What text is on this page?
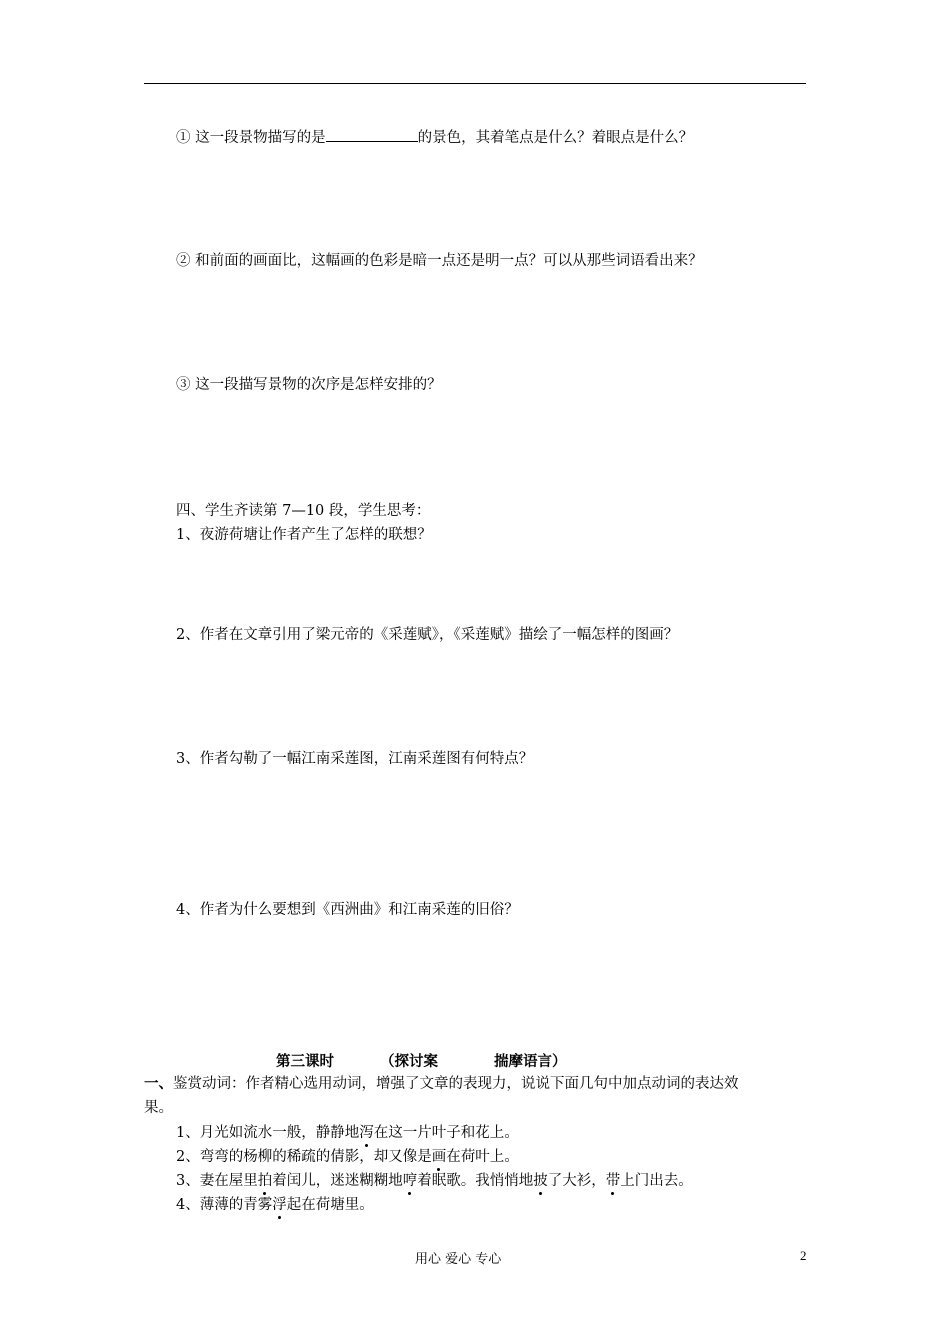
① 这一段景物描写的是	的景色，其着笔点是什么？着眼点是什么？
② 和前面的画面比，这幅画的色彩是暗一点还是明一点？可以从那些词语看出来？
③ 这一段描写景物的次序是怎样安排的？
四、学生齐读第 7—10 段，学生思考：
1、夜游荷塘让作者产生了怎样的联想？
2、作者在文章引用了梁元帝的《采莲赋》，《采莲赋》描绘了一幅怎样的图画？
3、作者勾勒了一幅江南采莲图，江南采莲图有何特点？
4、作者为什么要想到《西洲曲》和江南采莲的旧俗？
第三课时	（探讨案	揣摩语言）
一、鉴赏动词：作者精心选用动词，增强了文章的表现力，说说下面几句中加点动词的表达效
果。
1、月光如流水一般，静静地泻在这一片叶子和花上。
2、弯弯的杨柳的稀疏的倩影，却又像是画在荷叶上。
3、妻在屋里拍着闰儿，迷迷糊糊地哼着眠歌。我悄悄地披了大衫，带上门出去。
4、薄薄的青雾浮起在荷塘里。
用心 爱心 专心	2
